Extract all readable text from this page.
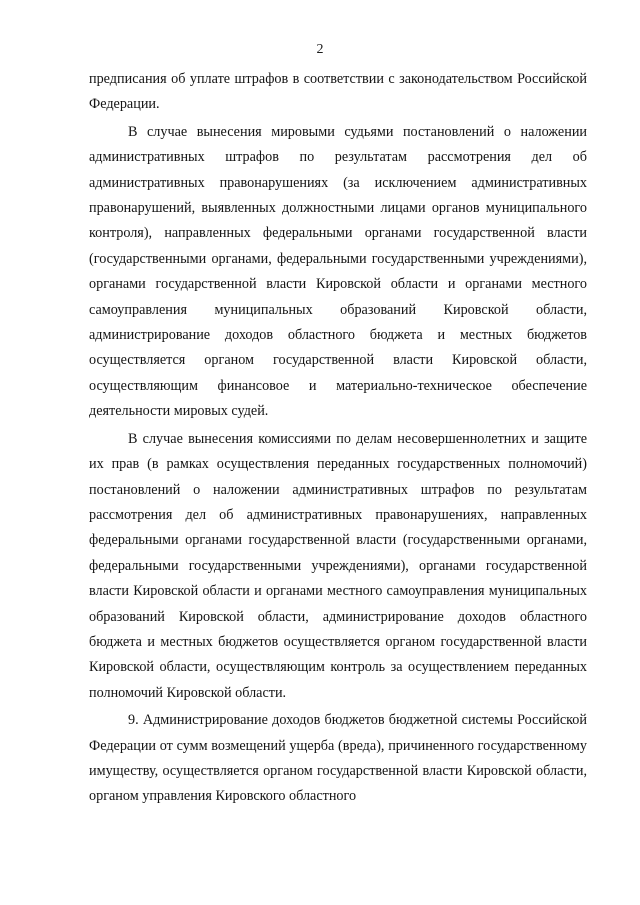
2

предписания об уплате штрафов в соответствии с законодательством Российской Федерации.

В случае вынесения мировыми судьями постановлений о наложении административных штрафов по результатам рассмотрения дел об административных правонарушениях (за исключением административных правонарушений, выявленных должностными лицами органов муниципального контроля), направленных федеральными органами государственной власти (государственными органами, федеральными государственными учреждениями), органами государственной власти Кировской области и органами местного самоуправления муниципальных образований Кировской области, администрирование доходов областного бюджета и местных бюджетов осуществляется органом государственной власти Кировской области, осуществляющим финансовое и материально-техническое обеспечение деятельности мировых судей.

В случае вынесения комиссиями по делам несовершеннолетних и защите их прав (в рамках осуществления переданных государственных полномочий) постановлений о наложении административных штрафов по результатам рассмотрения дел об административных правонарушениях, направленных федеральными органами государственной власти (государственными органами, федеральными государственными учреждениями), органами государственной власти Кировской области и органами местного самоуправления муниципальных образований Кировской области, администрирование доходов областного бюджета и местных бюджетов осуществляется органом государственной власти Кировской области, осуществляющим контроль за осуществлением переданных полномочий Кировской области.

9. Администрирование доходов бюджетов бюджетной системы Российской Федерации от сумм возмещений ущерба (вреда), причиненного государственному имуществу, осуществляется органом государственной власти Кировской области, органом управления Кировского областного
